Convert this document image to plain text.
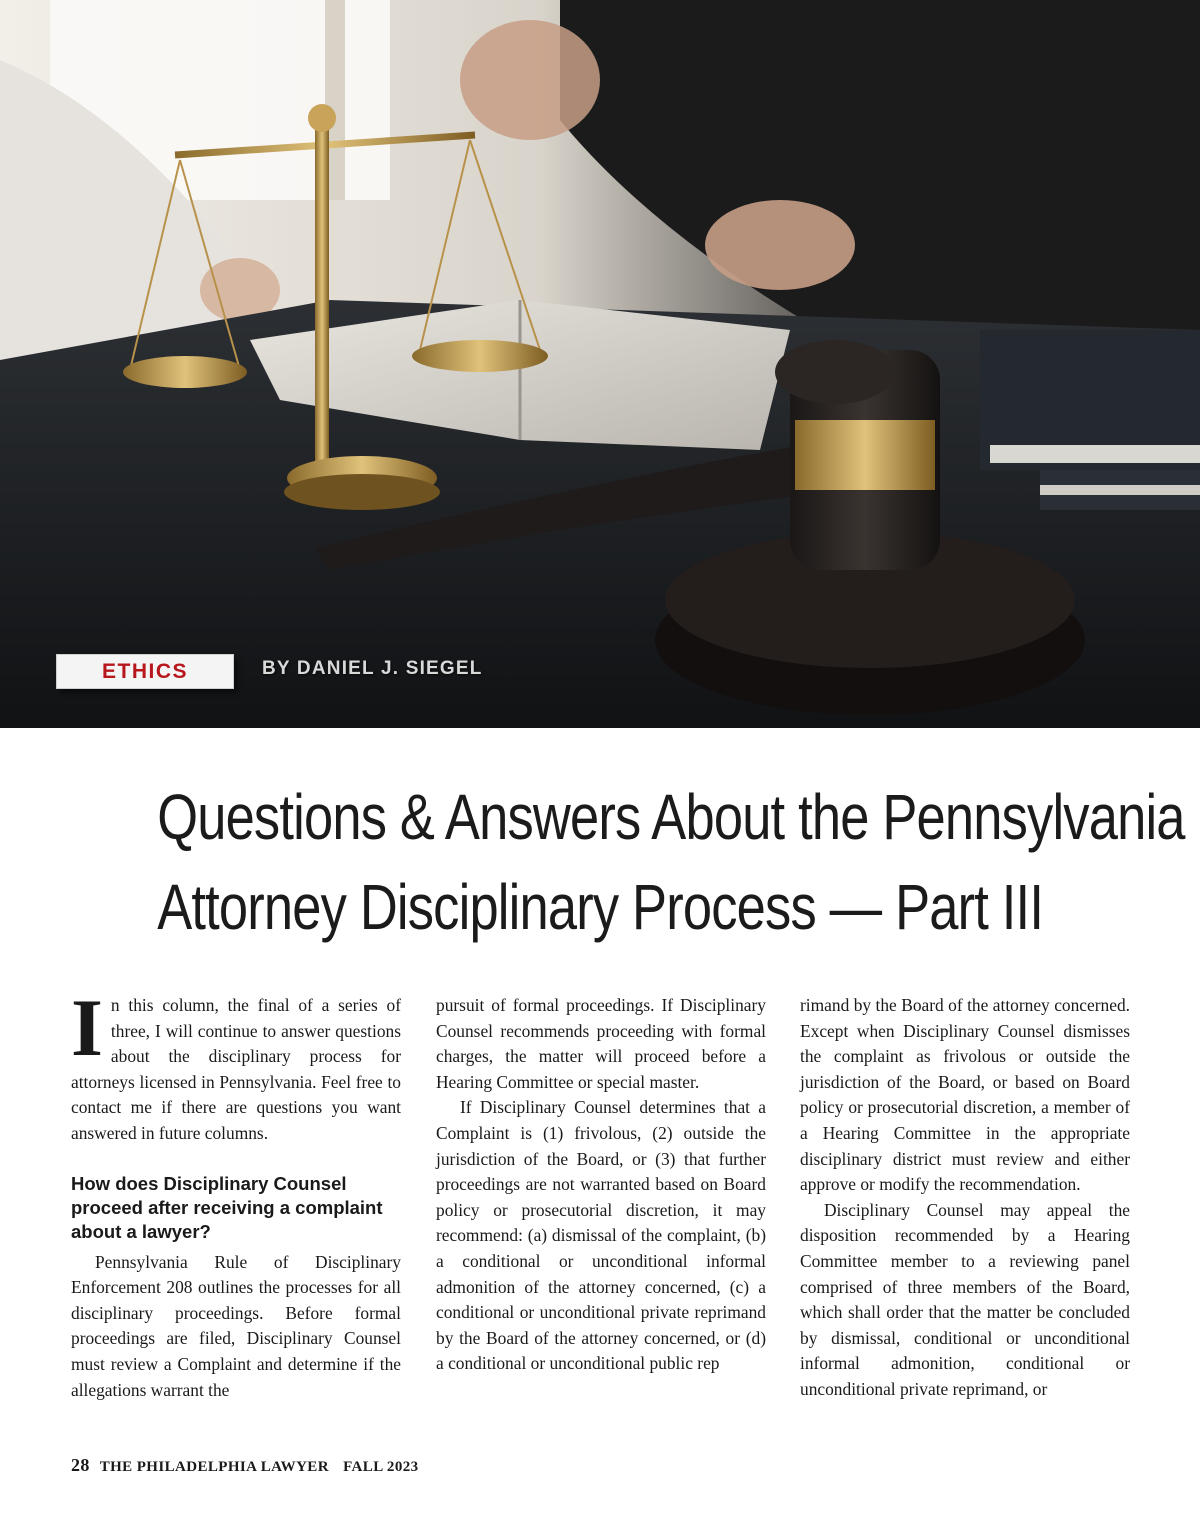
ETHICS	BY DANIEL J. SIEGEL
Questions & Answers About the Pennsylvania
Attorney Disciplinary Process — Part III

In this column, the final of a series of three, I will continue to answer questions about the disciplinary process for attorneys licensed in Pennsylvania. Feel free to contact me if there are questions you want answered in future columns.

How does Disciplinary Counsel proceed after receiving a complaint about a lawyer?

Pennsylvania Rule of Disciplinary Enforcement 208 outlines the processes for all disciplinary proceedings. Before formal proceedings are filed, Disciplinary Counsel must review a Complaint and determine if the allegations warrant the

pursuit of formal proceedings. If Disciplinary Counsel recommends proceeding with formal charges, the matter will proceed before a Hearing Committee or special master.

If Disciplinary Counsel determines that a Complaint is (1) frivolous, (2) outside the jurisdiction of the Board, or (3) that further proceedings are not warranted based on Board policy or prosecutorial discretion, it may recommend: (a) dismissal of the complaint, (b) a conditional or unconditional informal admonition of the attorney concerned, (c) a conditional or unconditional private reprimand by the Board of the attorney concerned, or (d) a conditional or unconditional public rep

rimand by the Board of the attorney concerned. Except when Disciplinary Counsel dismisses the complaint as frivolous or outside the jurisdiction of the Board, or based on Board policy or prosecutorial discretion, a member of a Hearing Committee in the appropriate disciplinary district must review and either approve or modify the recommendation.

Disciplinary Counsel may appeal the disposition recommended by a Hearing Committee member to a reviewing panel comprised of three members of the Board, which shall order that the matter be concluded by dismissal, conditional or unconditional informal admonition, conditional or unconditional private reprimand, or

28 THE PHILADELPHIA LAWYER FALL 2023
